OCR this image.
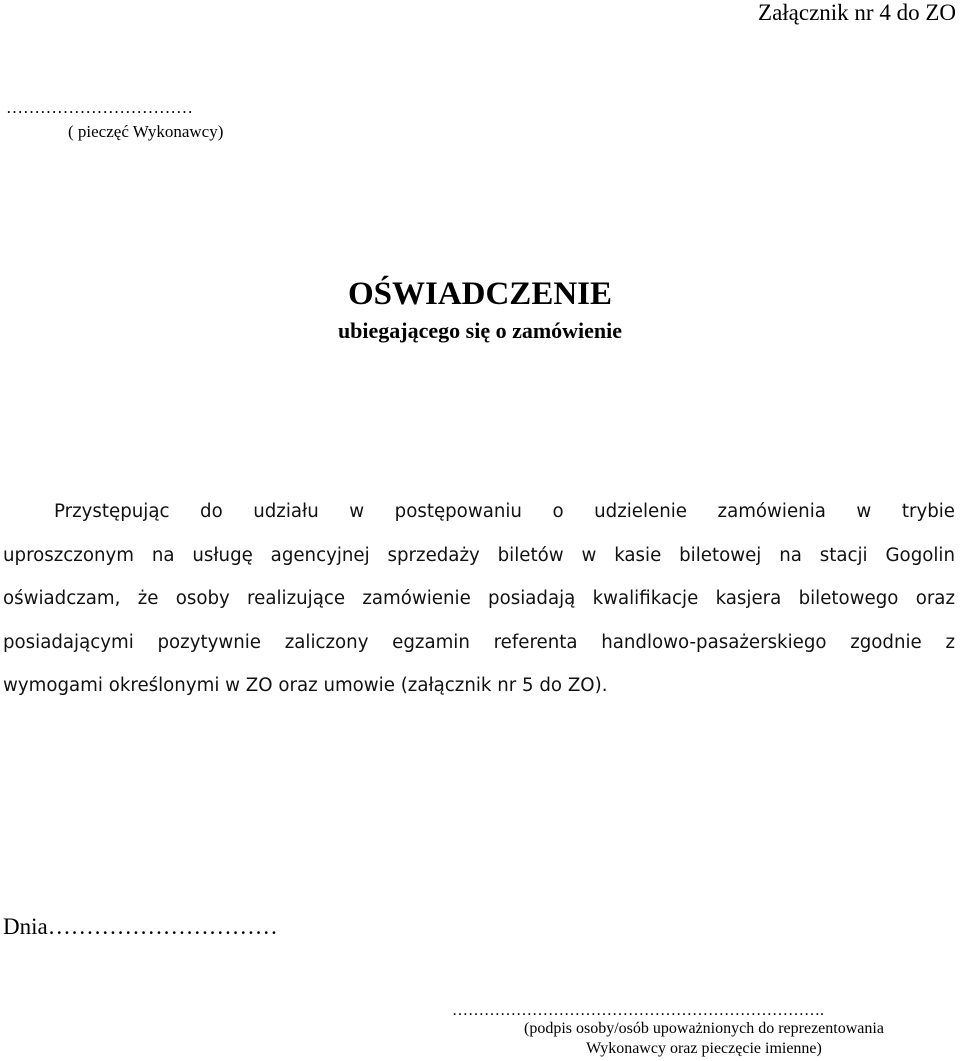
Załącznik nr 4 do ZO
……………………………
( pieczęć Wykonawcy)
OŚWIADCZENIE
ubiegającego się o zamówienie
Przystępując do udziału w postępowaniu o udzielenie zamówienia w trybie
uproszczonym na usługę agencyjnej sprzedaży biletów w kasie biletowej na stacji Gogolin
oświadczam, że osoby realizujące zamówienie posiadają kwalifikacje kasjera biletowego oraz
posiadającymi pozytywnie zaliczony egzamin referenta handlowo-pasażerskiego zgodnie z
wymogami określonymi w ZO oraz umowie (załącznik nr 5 do ZO).
Dnia…………………………
…………………………………………………………….
(podpis osoby/osób upoważnionych do reprezentowania
Wykonawcy oraz pieczęcie imienne)
